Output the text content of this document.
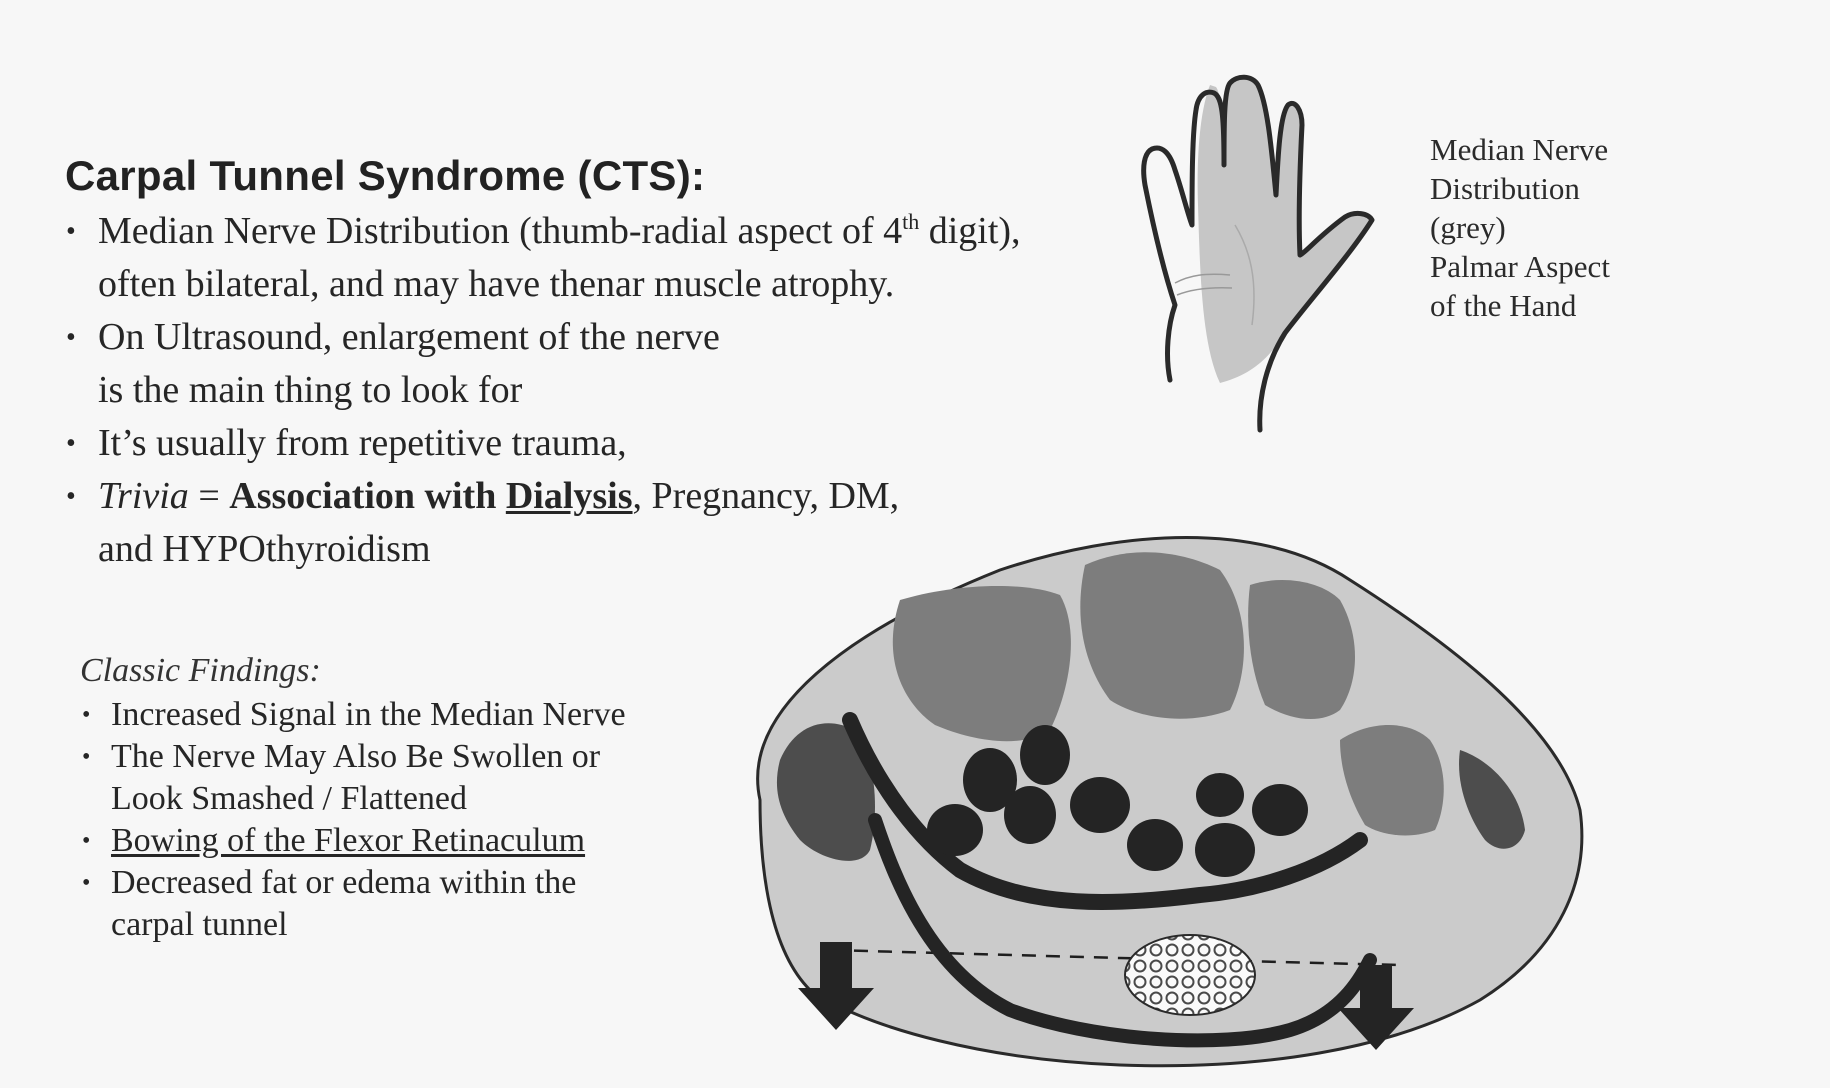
Carpal Tunnel Syndrome (CTS):
• Median Nerve Distribution (thumb-radial aspect of 4th digit),
often bilateral, and may have thenar muscle atrophy.
• On Ultrasound, enlargement of the nerve
is the main thing to look for
• It’s usually from repetitive trauma,
• Trivia = Association with Dialysis, Pregnancy, DM,
and HYPOthyroidism
Classic Findings:
• Increased Signal in the Median Nerve
• The Nerve May Also Be Swollen or
Look Smashed / Flattened
• Bowing of the Flexor Retinaculum
• Decreased fat or edema within the
carpal tunnel
Median Nerve
Distribution
(grey)
Palmar Aspect
of the Hand
